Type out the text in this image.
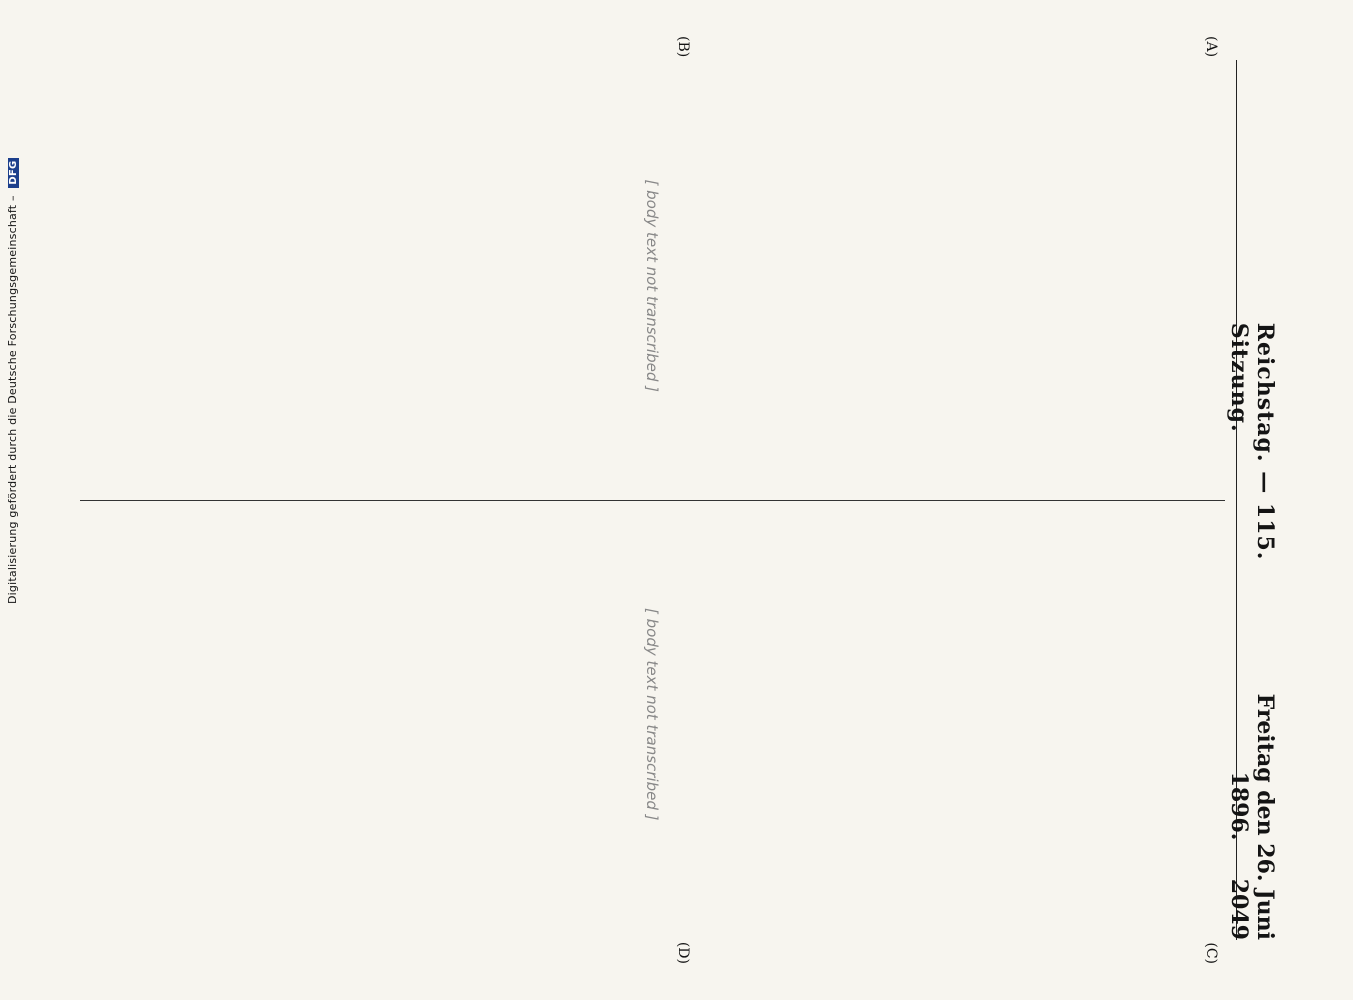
Reichstag. — 115. Sitzung.
Freitag den 26. Juni 1896.     2049
(A)
(B)
(C)
(D)
[ body text not transcribed ]
[ body text not transcribed ]
Digitalisierung gefördert durch die Deutsche Forschungsgemeinschaft – DFG
